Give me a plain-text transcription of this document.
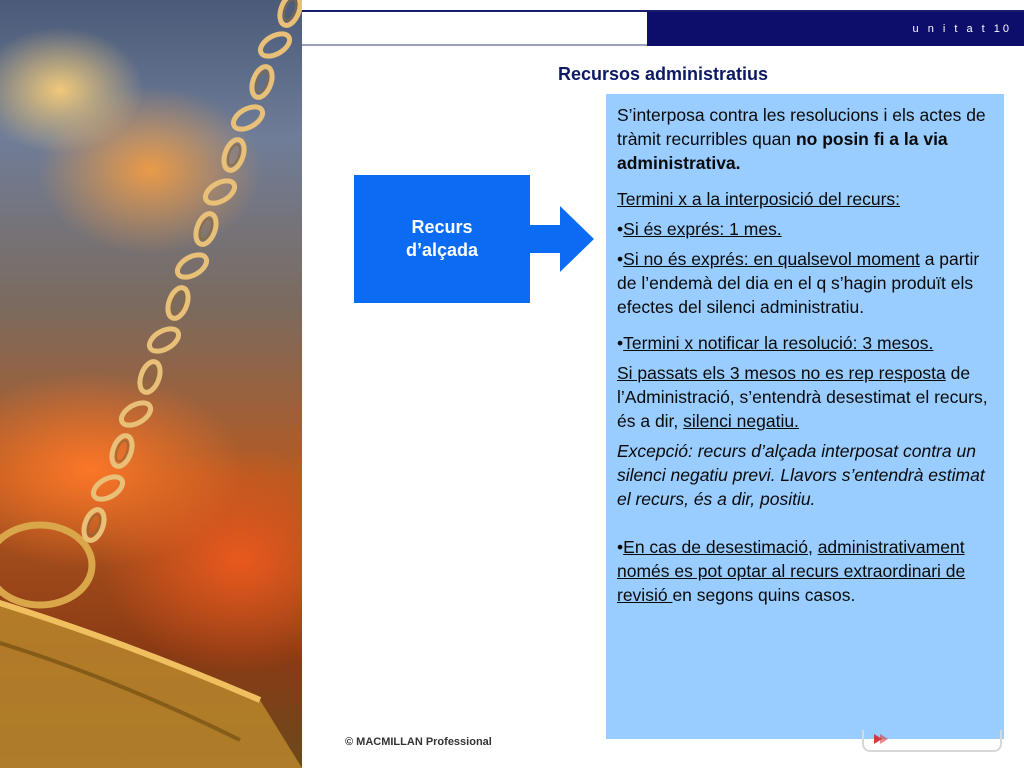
u n i t a t 10
Recursos administratius
Recurs
d’alçada

S’interposa contra les resolucions i els actes de tràmit recurribles quan no posin fi a la via administrativa.

Termini x a la interposició del recurs:

•Si és exprés: 1 mes.

•Si no és exprés: en qualsevol moment a partir de l’endemà del dia en el q s’hagin produït els efectes del silenci administratiu.

•Termini x notificar la resolució: 3 mesos.

Si passats els 3 mesos no es rep resposta de l’Administració, s’entendrà desestimat el recurs, és a dir, silenci negatiu.

Excepció: recurs d’alçada interposat contra un silenci negatiu previ. Llavors s’entendrà estimat el recurs, és a dir, positiu.

•En cas de desestimació, administrativament només es pot optar al recurs extraordinari de revisió en segons quins casos.

© MACMILLAN Professional
